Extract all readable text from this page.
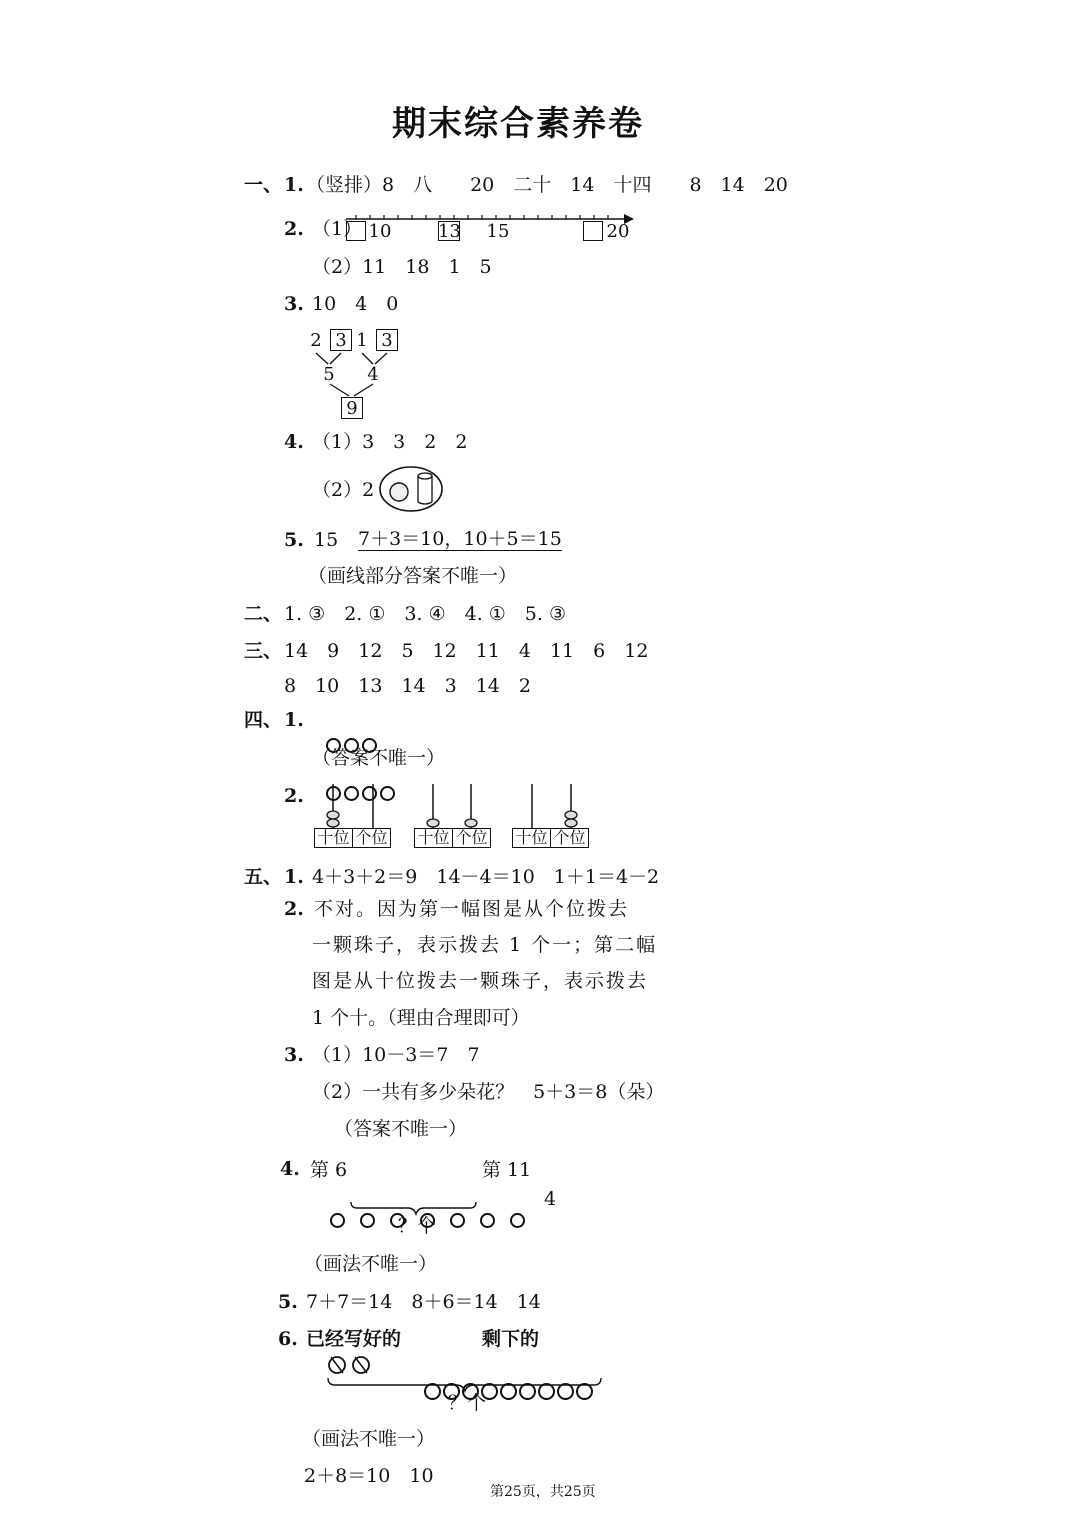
期末综合素养卷
一、 1. （竖排）8　八　　20　二十　14　十四　　8　14　20
2. （1） 10	13 15	20
（2）11　18　1　5
3. 10　4　0
2 3 1 3
5 4
9
4. （1）3　3　2　2
（2）2
5. 15 7＋3＝10，10＋5＝15
（画线部分答案不唯一）
二、 1. ③　2. ①　3. ④　4. ①　5. ③
三、 14　9　12　5　12　11　4　11　6　12
8　10　13　14　3　14　2
四、 1.

（答案不唯一）
2.
十位 个位 十位 个位 十位 个位
五、 1. 4＋3＋2＝9　14－4＝10　1＋1＝4－2
2. 不对。因为第一幅图是从个位拨去
一颗珠子，表示拨去 1 个一；第二幅
图是从十位拨去一颗珠子，表示拨去
1 个十。（理由合理即可）
3. （1）10－3＝7　7
（2）一共有多少朵花？　5＋3＝8（朵）
（答案不唯一）
4. 第 6	第 11

4
？个
（画法不唯一）
5. 7＋7＝14　8＋6＝14　14
6. 已经写好的	剩下的

？个
（画法不唯一）
2＋8＝10　10
第25页，共25页
